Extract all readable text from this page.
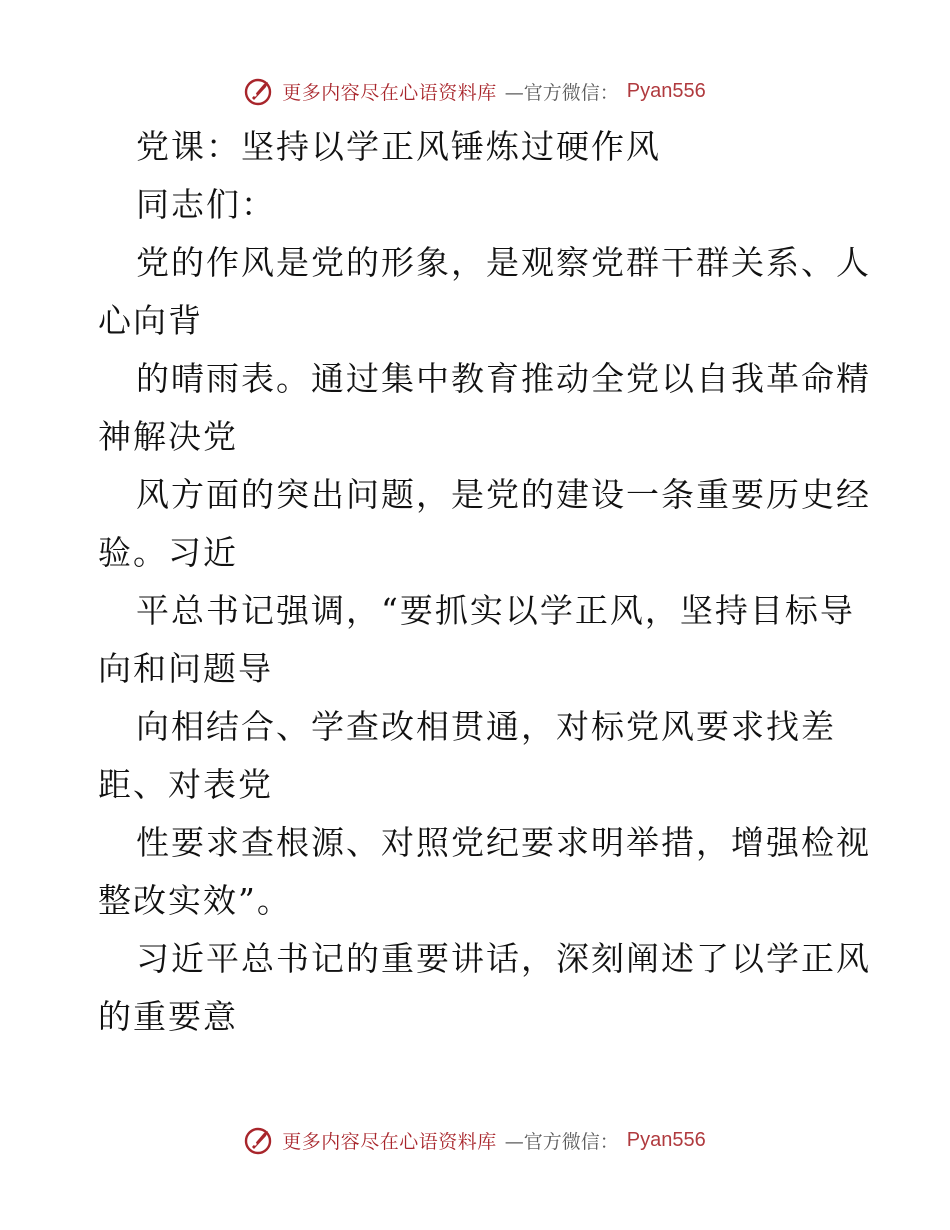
更多内容尽在心语资料库 —官方微信： Pyan556
党课：坚持以学正风锤炼过硬作风
同志们：
党的作风是党的形象，是观察党群干群关系、人
心向背
的晴雨表。通过集中教育推动全党以自我革命精
神解决党
风方面的突出问题，是党的建设一条重要历史经
验。习近
平总书记强调，“要抓实以学正风，坚持目标导
向和问题导
向相结合、学查改相贯通，对标党风要求找差
距、对表党
性要求查根源、对照党纪要求明举措，增强检视
整改实效”。
习近平总书记的重要讲话，深刻阐述了以学正风
的重要意
更多内容尽在心语资料库 —官方微信： Pyan556
